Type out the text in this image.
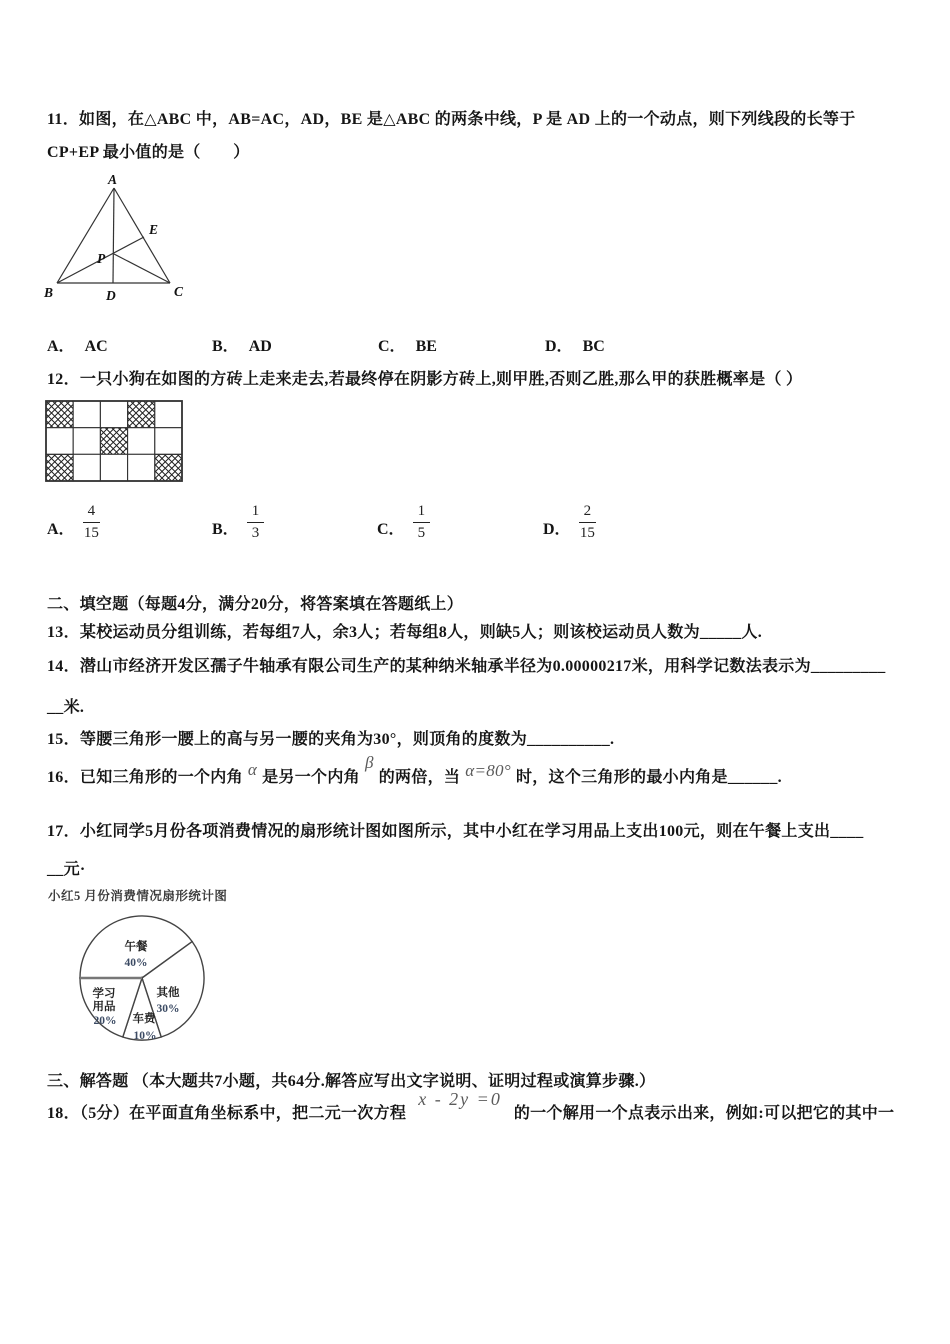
11．如图，在△ABC 中，AB=AC，AD，BE 是△ABC 的两条中线，P 是 AD 上的一个动点，则下列线段的长等于
CP+EP 最小值的是（　　）
A
B	C
D
E
P
A． AC	B． AD	C． BE	D． BC
12．一只小狗在如图的方砖上走来走去,若最终停在阴影方砖上,则甲胜,否则乙胜,那么甲的获胜概率是（ ）
A． $\frac{4}{15}$	B． $\frac{1}{3}$	C． $\frac{1}{5}$	D． $\frac{2}{15}$
二、填空题（每题4分，满分20分，将答案填在答题纸上）
13．某校运动员分组训练，若每组7人，余3人；若每组8人，则缺5人；则该校运动员人数为_____人.
14．潜山市经济开发区孺子牛轴承有限公司生产的某种纳米轴承半径为0.00000217米，用科学记数法表示为_________
__米.
15．等腰三角形一腰上的高与另一腰的夹角为30°，则顶角的度数为__________.
16．已知三角形的一个内角 α 是另一个内角β的两倍，当 α=80° 时，这个三角形的最小内角是______.
17．小红同学5月份各项消费情况的扇形统计图如图所示，其中小红在学习用品上支出100元，则在午餐上支出____
__元·
小红5 月份消费情况扇形统计图
午餐
40%
其他
30%
车费
10%
学习
用品
20%
三、解答题 （本大题共7小题，共64分.解答应写出文字说明、证明过程或演算步骤.）
18．（5分）在平面直角坐标系中，把二元一次方程x - 2y =0的一个解用一个点表示出来，例如:可以把它的其中一
